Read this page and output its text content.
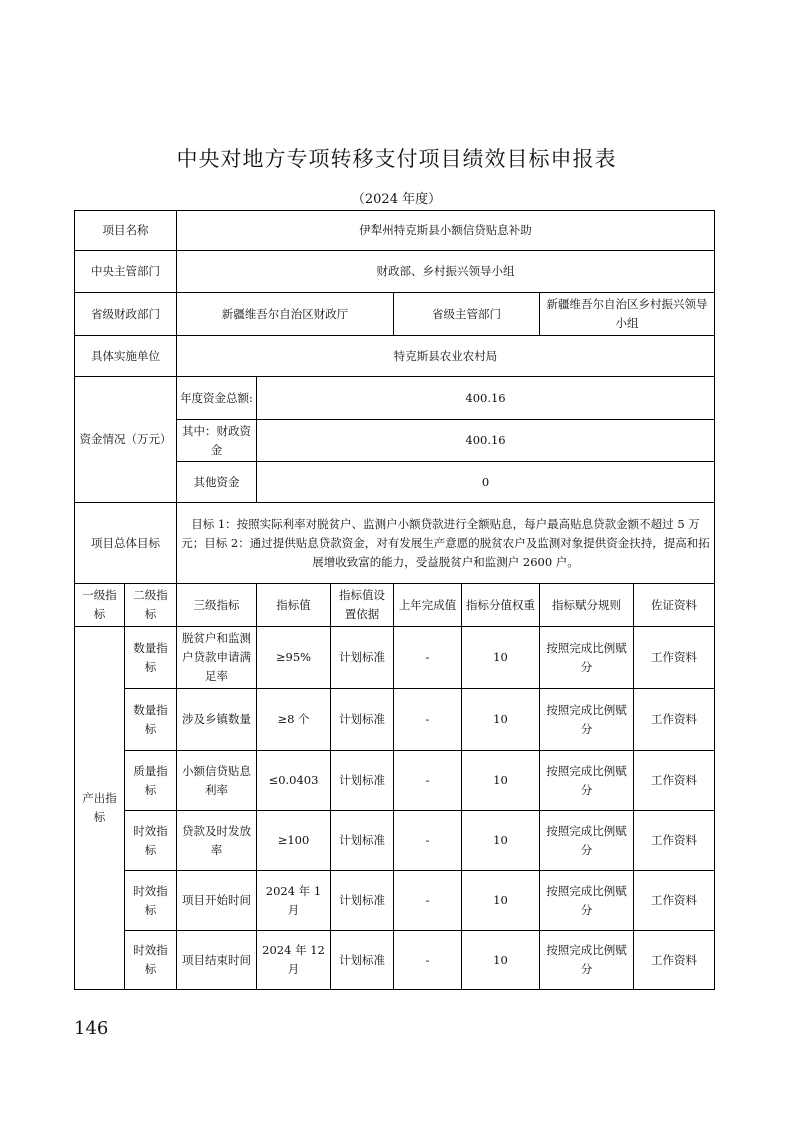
中央对地方专项转移支付项目绩效目标申报表
（2024 年度）
项目名称		伊犁州特克斯县小额信贷贴息补助						
中央主管部门		财政部、乡村振兴领导小组						
省级财政部门		新疆维吾尔自治区财政厅			省级主管部门		新疆维吾尔自治区乡村振兴领导小组	
具体实施单位		特克斯县农业农村局						
资金情况（万元）		年度资金总额:	400.16					
		其中：财政资金	400.16					
		其他资金	0					
项目总体目标		目标 1：按照实际利率对脱贫户、监测户小额贷款进行全额贴息，每户最高贴息贷款金额不超过 5 万元；目标 2：通过提供贴息贷款资金，对有发展生产意愿的脱贫农户及监测对象提供资金扶持，提高和拓展增收致富的能力，受益脱贫户和监测户 2600 户。						
一级指标	二级指标	三级指标	指标值	指标值设置依据	上年完成值	指标分值权重	指标赋分规则	佐证资料
产出指标	数量指标	脱贫户和监测户贷款申请满足率	≥95%	计划标准	-	10	按照完成比例赋分	工作资料
	数量指标	涉及乡镇数量	≥8 个	计划标准	-	10	按照完成比例赋分	工作资料
	质量指标	小额信贷贴息利率	≤0.0403	计划标准	-	10	按照完成比例赋分	工作资料
	时效指标	贷款及时发放率	≥100	计划标准	-	10	按照完成比例赋分	工作资料
	时效指标	项目开始时间	2024 年 1 月	计划标准	-	10	按照完成比例赋分	工作资料
	时效指标	项目结束时间	2024 年 12 月	计划标准	-	10	按照完成比例赋分	工作资料
146
